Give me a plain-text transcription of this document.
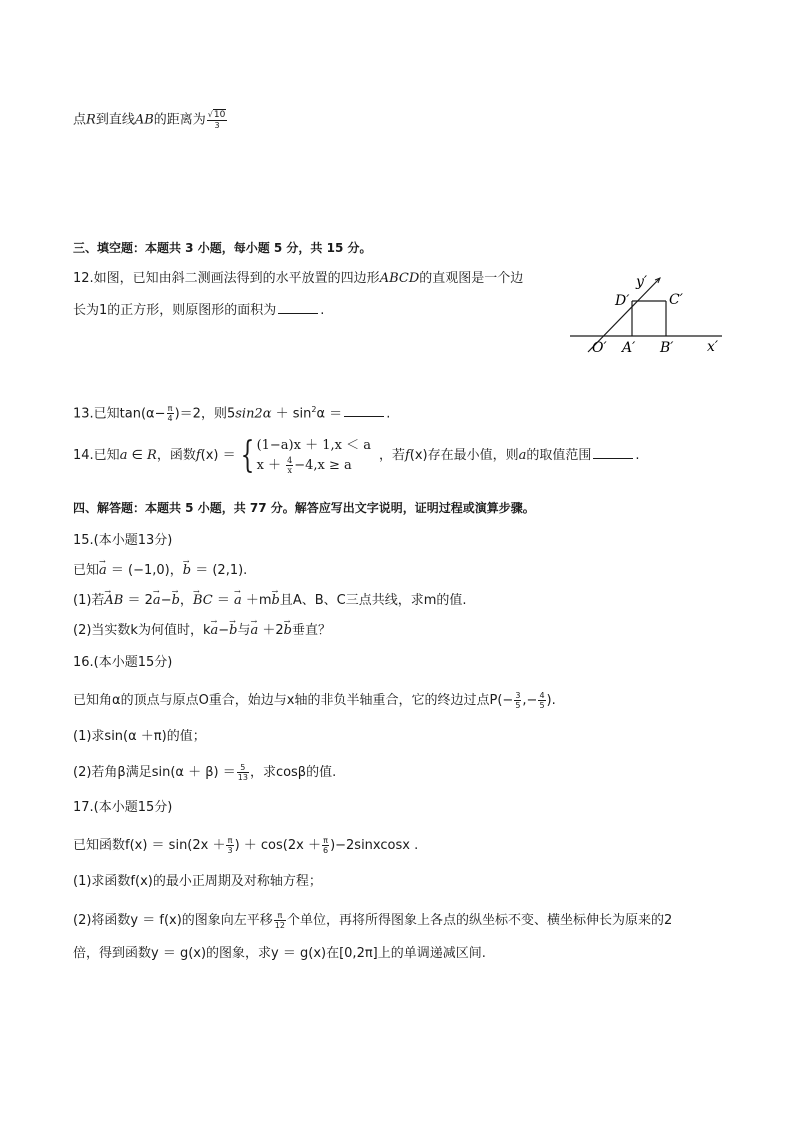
点R到直线AB的距离为 $\frac{√10}{3}$
三、填空题：本题共 3 小题，每小题 5 分，共 15 分。
12.如图，已知由斜二测画法得到的水平放置的四边形ABCD的直观图是一个边
长为1的正方形，则原图形的面积为	.
y′
D′	C′
O′ A′ B′ x′
13.已知$\tan(\alpha- \frac{\pi}{4} )=2$，则$5\sin 2\alpha + \sin^2\alpha$ ＝	.
14.已知a ∈ R，函数f(x) ＝ { (1−a)x ＋ 1,x ＜ a
$x + \frac{4}{x} -4,x \ge a$
，若f(x)存在最小值，则a的取值范围	.
四、解答题：本题共 5 小题，共 77 分。解答应写出文字说明，证明过程或演算步骤。
15.(本小题13分)
已知→ a ＝ (−1,0)，→ b ＝ (2,1).
(1)若→ AB ＝ 2→ a−→ b，→ BC ＝ → a ＋m→ b且A、B、C三点共线，求m的值.
(2)当实数k为何值时，k→ a−→ b与→ a ＋2→ b垂直？
16.(本小题15分)
已知角α的顶点与原点O重合，始边与x轴的非负半轴重合，它的终边过点$P(- \frac{3}{5}$ ,− $\frac{4}{5}$ ).
(1)求sin(α ＋π)的值；
(2)若角β满足$\sin(\alpha + \beta) = \frac{5}{13}$ ，求cosβ的值.
17.(本小题15分)
已知函数$f(x) = \sin(2x + \frac{\pi}{3}$ ) ＋ $\cos(2x + \frac{\pi}{6}$ )−2sinxcosx .
(1)求函数f(x)的最小正周期及对称轴方程；
(2)将函数y ＝ f(x)的图象向左平移 $\frac{\pi}{12}$ 个单位，再将所得图象上各点的纵坐标不变、横坐标伸长为原来的2
倍，得到函数y ＝ g(x)的图象，求y ＝ g(x)在[0,2π]上的单调递减区间.
